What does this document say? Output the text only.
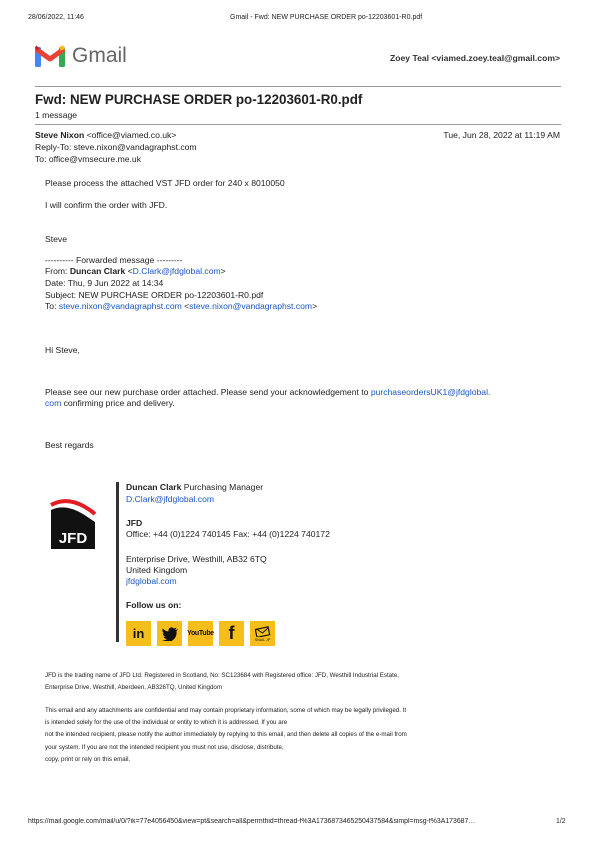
28/06/2022, 11:46	Gmail - Fwd: NEW PURCHASE ORDER po-12203601-R0.pdf
Gmail	Zoey Teal <viamed.zoey.teal@gmail.com>
Fwd: NEW PURCHASE ORDER po-12203601-R0.pdf
1 message
Steve Nixon <office@viamed.co.uk>	Tue, Jun 28, 2022 at 11:19 AM
Reply-To: steve.nixon@vandagraphst.com
To: office@vmsecure.me.uk
Please process the attached VST JFD order for 240 x 8010050
I will confirm the order with JFD.
Steve
---------- Forwarded message ---------
From: Duncan Clark <D.Clark@jfdglobal.com>
Date: Thu, 9 Jun 2022 at 14:34
Subject: NEW PURCHASE ORDER po-12203601-R0.pdf
To: steve.nixon@vandagraphst.com <steve.nixon@vandagraphst.com>
Hi Steve,
Please see our new purchase order attached. Please send your acknowledgement to purchaseordersUK1@jfdglobal.
com confirming price and delivery.
Best regards
JFD
Duncan Clark Purchasing Manager
D.Clark@jfdglobal.com
JFD
Office: +44 (0)1224 740145 Fax: +44 (0)1224 740172
Enterprise Drive, Westhill, AB32 6TQ
United Kingdom
jfdglobal.com
Follow us on:
in	YouTube f	SNAIL JP
JFD is the trading name of JFD Ltd. Registered in Scotland, No: SC123684 with Registered office: JFD, Westhill Industrial Estate,
Enterprise Drive, Westhill, Aberdeen, AB326TQ, United Kingdom
This email and any attachments are confidential and may contain proprietary information, some of which may be legally privileged. It
is intended solely for the use of the individual or entity to which it is addressed. If you are
not the intended recipient, please notify the author immediately by replying to this email, and then delete all copies of the e-mail from
your system. If you are not the intended recipient you must not use, disclose, distribute,
copy, print or rely on this email.
https://mail.google.com/mail/u/0/?ik=77e4056450&view=pt&search=all&permthid=thread-f%3A1736873465250437584&simpl=msg-f%3A173687…	1/2
